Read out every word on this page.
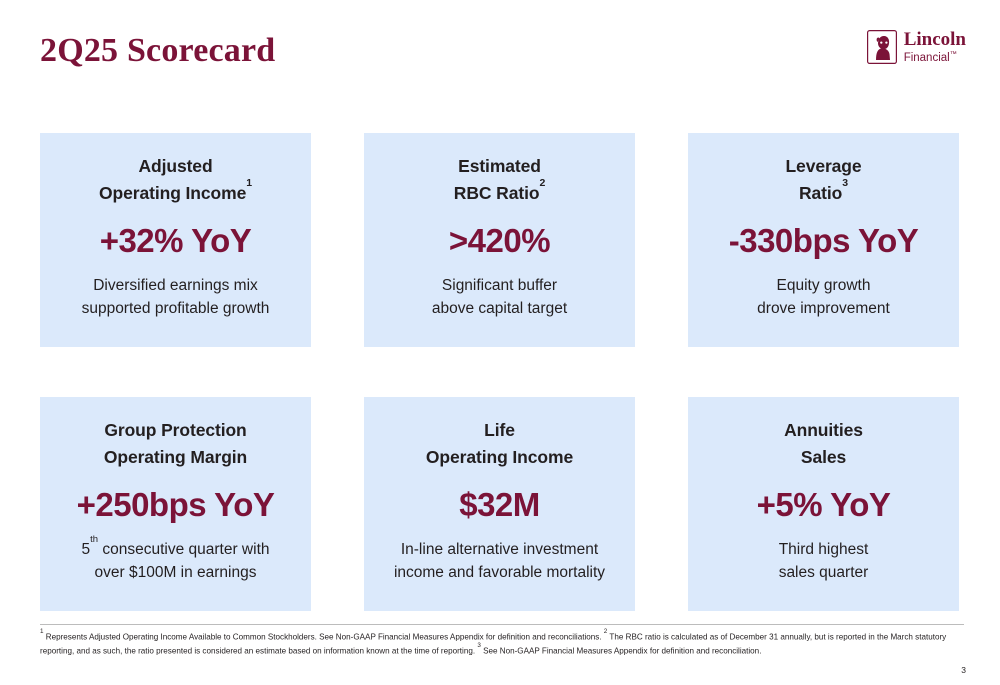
2Q25 Scorecard	Lincoln
Financial™
Adjusted
Operating Income$^1$
+32% YoY
Diversified earnings mix
supported profitable growth
Estimated
RBC Ratio$^2$
>420%
Significant buffer
above capital target
Leverage
Ratio$^3$
-330bps YoY
Equity growth
drove improvement
Group Protection
Operating Margin
+250bps YoY
5th consecutive quarter with
over $100M in earnings
Life
Operating Income
$32M
In-line alternative investment
income and favorable mortality
Annuities
Sales
+5% YoY
Third highest
sales quarter
$^1$ Represents Adjusted Operating Income Available to Common Stockholders. See Non-GAAP Financial Measures Appendix for definition and reconciliations. $^2$ The RBC ratio is calculated as of December 31 annually, but is reported in the March statutory reporting, and as such, the ratio presented is considered an estimate based on information known at the time of reporting. $^3$ See Non-GAAP Financial Measures Appendix for definition and reconciliation.
3
